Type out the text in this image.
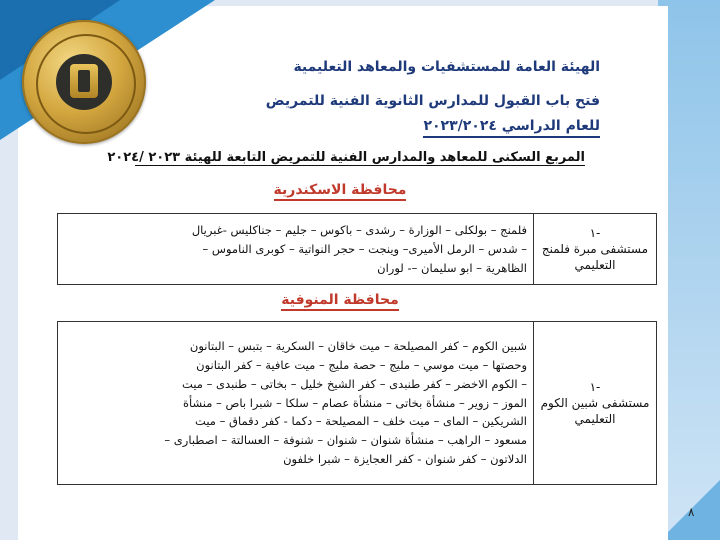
الهيئة العامة للمستشفيات والمعاهد التعليمية
فتح باب القبول للمدارس الثانوية الفنية للتمريض
للعام الدراسي ٢٠٢٣/٢٠٢٤
المربع السكنى للمعاهد والمدارس الفنية للتمريض التابعة للهيئة ٢٠٢٣ /٢٠٢٤
محافظة الاسكندرية
-١
مستشفى مبرة فلمنج
التعليمي

فلمنج – بولكلى – الوزارة – رشدى – باكوس – جليم – جناكليس -غبريال
– شدس – الرمل الأميرى– وينجت – حجر النواتية – كوبرى الناموس –
الظاهرية – ابو سليمان –- لوران
محافظة المنوفية
-١
مستشفى شبين الكوم
التعليمي

شبين الكوم – كفر المصيلحة – ميت خاقان – السكرية – بتبس – البتانون
وحصتها – ميت موسي – مليج – حصة مليج – ميت عافية – كفر البتانون
– الكوم الاخضر – كفر طنبدى – كفر الشيخ خليل – بخاتى – طنبدى – ميت
الموز – زوير – منشأة بخاتى – منشأة عصام – سلكا – شبرا باص – منشأة
الشريكين – الماى – ميت خلف – المصيلحة – دكما - كفر دقماق – ميت
مسعود – الراهب – منشأة شنوان – شنوان – شنوفة – العسالتة – اصطبارى –
الدلاتون – كفر شنوان - كفر العجايزة – شبرا خلفون
٨
